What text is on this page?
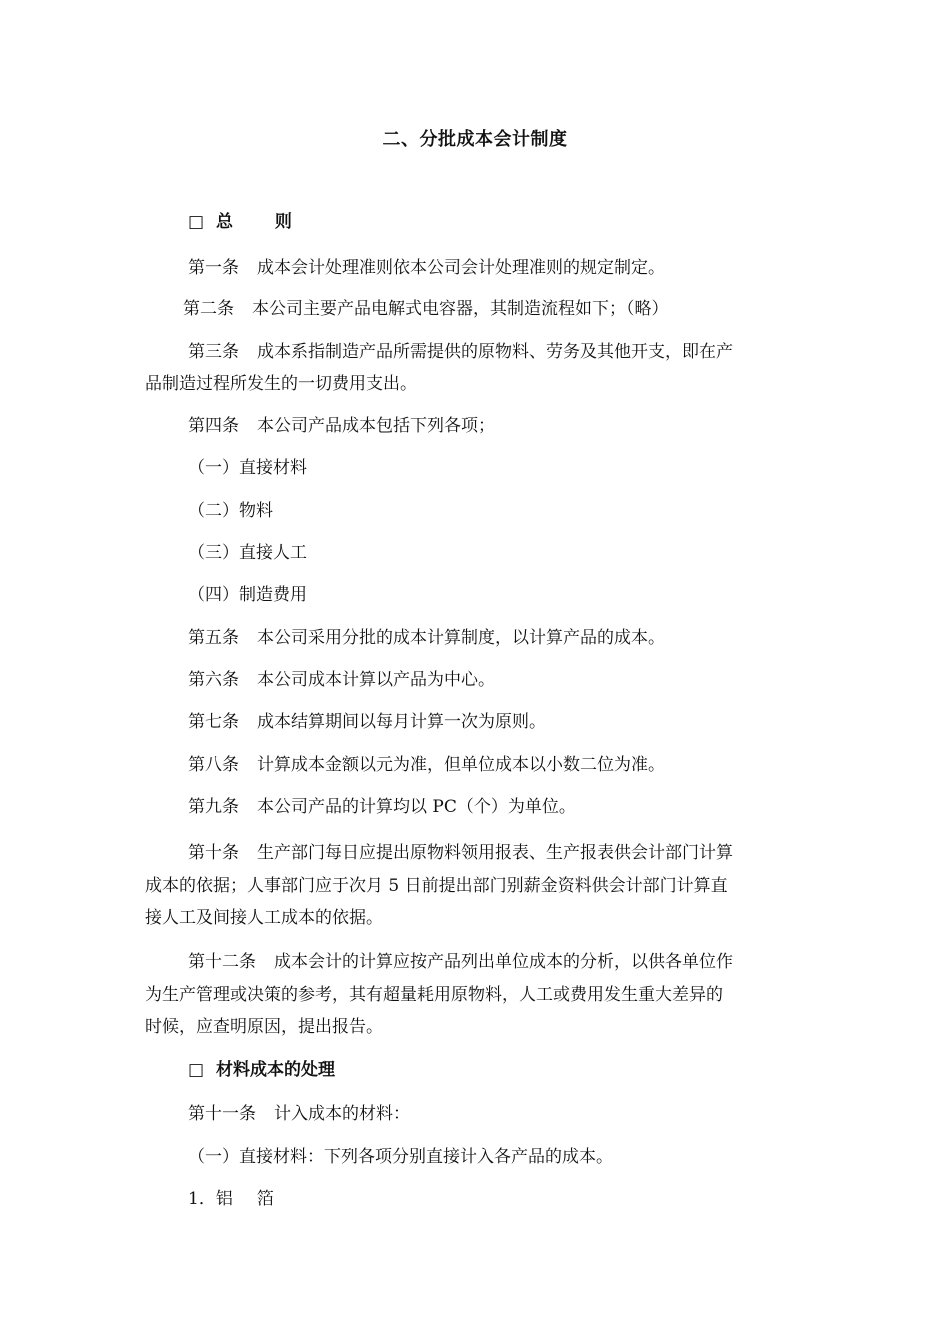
二、分批成本会计制度
□ 总 则
第一条 成本会计处理准则依本公司会计处理准则的规定制定。
第二条 本公司主要产品电解式电容器，其制造流程如下；（略）
第三条 成本系指制造产品所需提供的原物料、劳务及其他开支，即在产
品制造过程所发生的一切费用支出。
第四条 本公司产品成本包括下列各项；
（一）直接材料
（二）物料
（三）直接人工
（四）制造费用
第五条 本公司采用分批的成本计算制度，以计算产品的成本。
第六条 本公司成本计算以产品为中心。
第七条 成本结算期间以每月计算一次为原则。
第八条 计算成本金额以元为准，但单位成本以小数二位为准。
第九条 本公司产品的计算均以 PC（个）为单位。
第十条 生产部门每日应提出原物料领用报表、生产报表供会计部门计算
成本的依据；人事部门应于次月 5 日前提出部门别薪金资料供会计部门计算直
接人工及间接人工成本的依据。
第十二条 成本会计的计算应按产品列出单位成本的分析，以供各单位作
为生产管理或决策的参考，其有超量耗用原物料，人工或费用发生重大差异的
时候，应查明原因，提出报告。
□ 材料成本的处理
第十一条 计入成本的材料：
（一）直接材料：下列各项分别直接计入各产品的成本。
1．铝 箔
